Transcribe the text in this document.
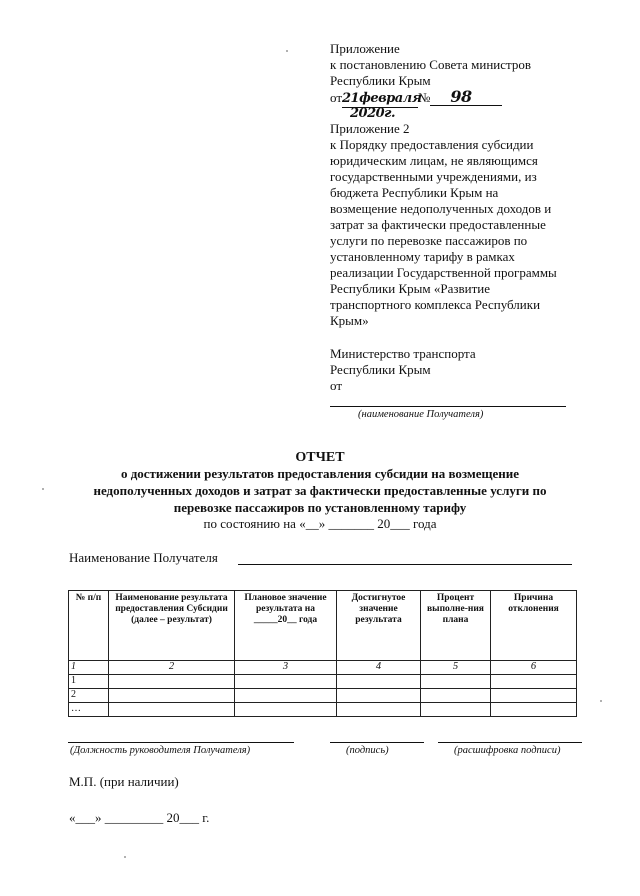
Приложение
к постановлению Совета министров
Республики Крым
от21февраля№ 98
2020г.
Приложение 2
к Порядку предоставления субсидии
юридическим лицам, не являющимся
государственными учреждениями, из
бюджета Республики Крым на
возмещение недополученных доходов и
затрат за фактически предоставленные
услуги по перевозке пассажиров по
установленному тарифу в рамках
реализации Государственной программы
Республики Крым «Развитие
транспортного комплекса Республики
Крым»
Министерство транспорта
Республики Крым
от
(наименование Получателя)
ОТЧЕТ
о достижении результатов предоставления субсидии на возмещение
недополученных доходов и затрат за фактически предоставленные услуги по
перевозке пассажиров по установленному тарифу
по состоянию на «__» _______ 20___ года
Наименование Получателя
№ п/п	Наименование результата предоставления Субсидии (далее – результат)	Плановое значение результата на _____20__ года	Достигнутое значение результата	Процент выполне-ния плана	Причина отклонения
1	2	3	4	5	6
1					
2					
…					
(Должность руководителя Получателя)	(подпись)	(расшифровка подписи)
М.П. (при наличии)
«___» _________ 20___ г.
